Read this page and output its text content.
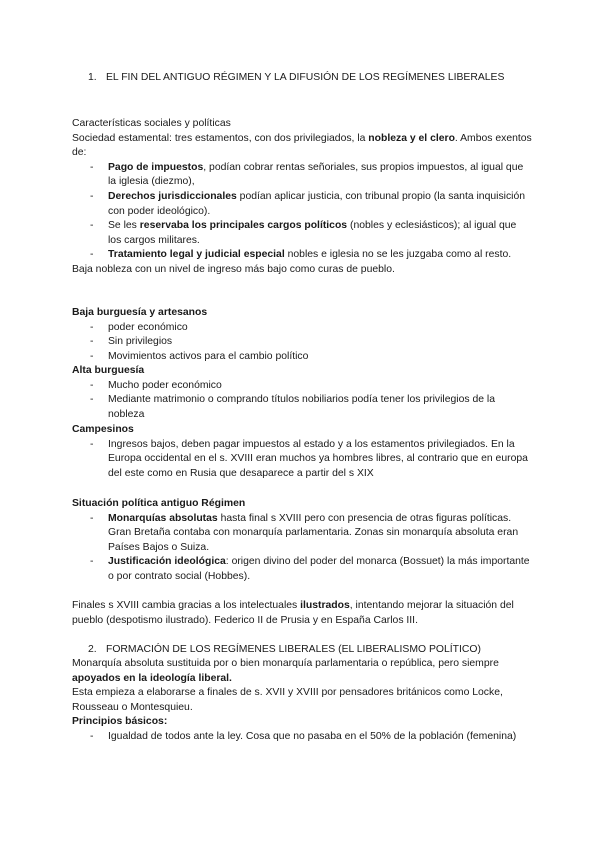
1. EL FIN DEL ANTIGUO RÉGIMEN Y LA DIFUSIÓN DE LOS REGÍMENES LIBERALES

Características sociales y políticas

Sociedad estamental: tres estamentos, con dos privilegiados, la nobleza y el clero. Ambos exentos de:

- Pago de impuestos, podían cobrar rentas señoriales, sus propios impuestos, al igual que la iglesia (diezmo),
- Derechos jurisdiccionales podían aplicar justicia, con tribunal propio (la santa inquisición con poder ideológico).
- Se les reservaba los principales cargos políticos (nobles y eclesiásticos); al igual que los cargos militares.
- Tratamiento legal y judicial especial nobles e iglesia no se les juzgaba como al resto.

Baja nobleza con un nivel de ingreso más bajo como curas de pueblo.

Baja burguesía y artesanos

- poder económico
- Sin privilegios
- Movimientos activos para el cambio político

Alta burguesía

- Mucho poder económico
- Mediante matrimonio o comprando títulos nobiliarios podía tener los privilegios de la nobleza

Campesinos

- Ingresos bajos, deben pagar impuestos al estado y a los estamentos privilegiados. En la Europa occidental en el s. XVIII eran muchos ya hombres libres, al contrario que en europa del este como en Rusia que desaparece a partir del s XIX

Situación política antiguo Régimen

- Monarquías absolutas hasta final s XVIII pero con presencia de otras figuras políticas. Gran Bretaña contaba con monarquía parlamentaria. Zonas sin monarquía absoluta eran Países Bajos o Suiza.
- Justificación ideológica: origen divino del poder del monarca (Bossuet) la más importante o por contrato social (Hobbes).

Finales s XVIII cambia gracias a los intelectuales ilustrados, intentando mejorar la situación del pueblo (despotismo ilustrado). Federico II de Prusia y en España Carlos III.

2. FORMACIÓN DE LOS REGÍMENES LIBERALES (EL LIBERALISMO POLÍTICO)

Monarquía absoluta sustituida por o bien monarquía parlamentaria o república, pero siempre apoyados en la ideología liberal.

Esta empieza a elaborarse a finales de s. XVII y XVIII por pensadores británicos como Locke, Rousseau o Montesquieu.

Principios básicos:

- Igualdad de todos ante la ley. Cosa que no pasaba en el 50% de la población (femenina)
